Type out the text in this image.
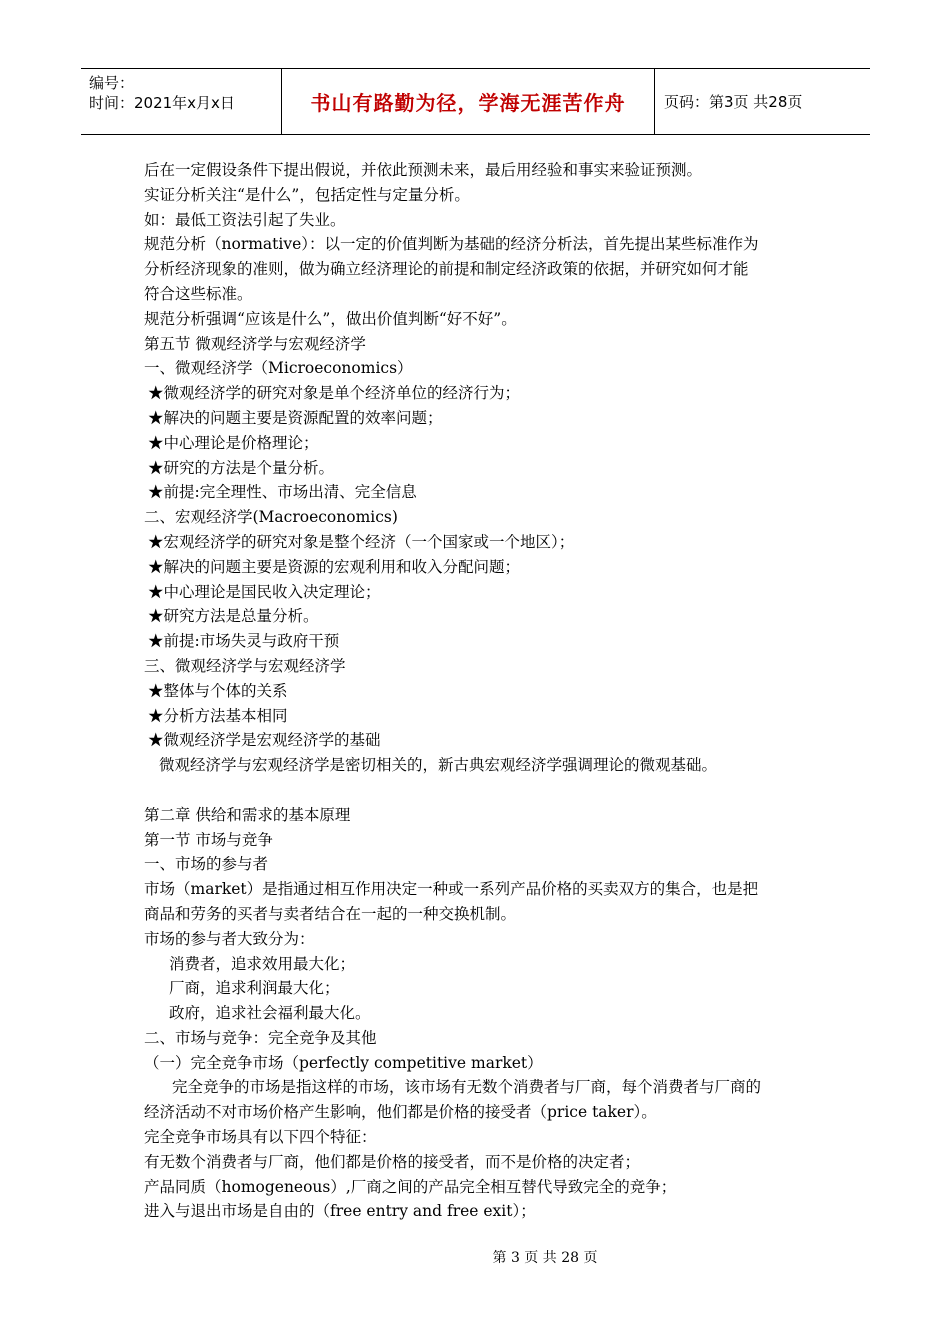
编号：
时间：2021年x月x日	书山有路勤为径，学海无涯苦作舟	页码：第3页 共28页
后在一定假设条件下提出假说，并依此预测未来，最后用经验和事实来验证预测。
实证分析关注“是什么”，包括定性与定量分析。
如：最低工资法引起了失业。
规范分析（normative）：以一定的价值判断为基础的经济分析法，首先提出某些标准作为
分析经济现象的准则，做为确立经济理论的前提和制定经济政策的依据，并研究如何才能
符合这些标准。
规范分析强调“应该是什么”，做出价值判断“好不好”。
第五节 微观经济学与宏观经济学
一、微观经济学（Microeconomics）
★微观经济学的研究对象是单个经济单位的经济行为；
★解决的问题主要是资源配置的效率问题；
★中心理论是价格理论；
★研究的方法是个量分析。
★前提:完全理性、市场出清、完全信息
二、宏观经济学(Macroeconomics)
★宏观经济学的研究对象是整个经济（一个国家或一个地区）；
★解决的问题主要是资源的宏观利用和收入分配问题；
★中心理论是国民收入决定理论；
★研究方法是总量分析。
★前提:市场失灵与政府干预
三、微观经济学与宏观经济学
★整体与个体的关系
★分析方法基本相同
★微观经济学是宏观经济学的基础
微观经济学与宏观经济学是密切相关的，新古典宏观经济学强调理论的微观基础。
第二章 供给和需求的基本原理
第一节 市场与竞争
一、市场的参与者
市场（market）是指通过相互作用决定一种或一系列产品价格的买卖双方的集合，也是把
商品和劳务的买者与卖者结合在一起的一种交换机制。
市场的参与者大致分为：
消费者，追求效用最大化；
厂商，追求利润最大化；
政府，追求社会福利最大化。
二、市场与竞争：完全竞争及其他
（一）完全竞争市场（perfectly competitive market）
完全竞争的市场是指这样的市场，该市场有无数个消费者与厂商，每个消费者与厂商的
经济活动不对市场价格产生影响，他们都是价格的接受者（price taker）。
完全竞争市场具有以下四个特征：
有无数个消费者与厂商，他们都是价格的接受者，而不是价格的决定者；
产品同质（homogeneous）,厂商之间的产品完全相互替代导致完全的竞争；
进入与退出市场是自由的（free entry and free exit）；
第 3 页 共 28 页
